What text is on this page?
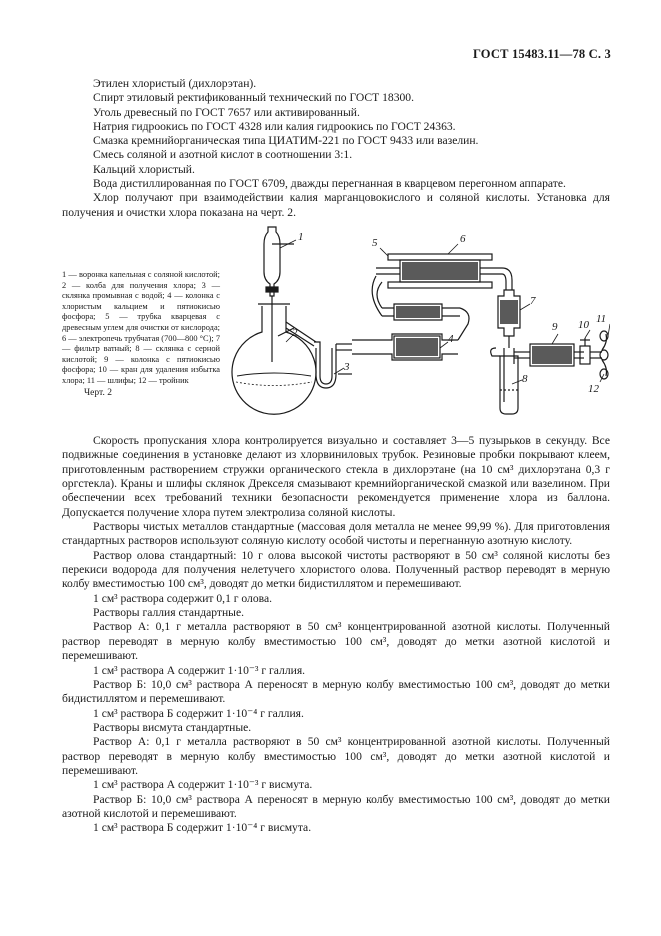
ГОСТ 15483.11—78 С. 3
Этилен хлористый (дихлорэтан).
Спирт этиловый ректификованный технический по ГОСТ 18300.
Уголь древесный по ГОСТ 7657 или активированный.
Натрия гидроокись по ГОСТ 4328 или калия гидроокись по ГОСТ 24363.
Смазка кремнийорганическая типа ЦИАТИМ-221 по ГОСТ 9433 или вазелин.
Смесь соляной и азотной кислот в соотношении 3:1.
Кальций хлористый.
Вода дистиллированная по ГОСТ 6709, дважды перегнанная в кварцевом перегонном аппарате.
Хлор получают при взаимодействии калия марганцовокислого и соляной кислоты. Установка для получения и очистки хлора показана на черт. 2.
1 — воронка капельная с соляной кислотой; 2 — колба для получения хлора; 3 — склянка промывная с водой; 4 — колонка с хлористым кальцием и пятиокисью фосфора; 5 — трубка кварцевая с древесным углем для очистки от кислорода; 6 — электропечь трубчатая (700—800 °С); 7 — фильтр ватный; 8 — склянка с серной кислотой; 9 — колонка с пятиокисью фосфора; 10 — кран для удаления избытка хлора; 11 — шлифы; 12 — тройник
Черт. 2
1
2
3
4
5	6
7
8
9 10 11
12

Скорость пропускания хлора контролируется визуально и составляет 3—5 пузырьков в секунду. Все подвижные соединения в установке делают из хлорвиниловых трубок. Резиновые пробки покрывают клеем, приготовленным растворением стружки органического стекла в дихлорэтане (на 10 см³ дихлорэтана 0,3 г оргстекла). Краны и шлифы склянок Дрекселя смазывают кремнийорганической смазкой или вазелином. При обеспечении всех требований техники безопасности рекомендуется применение хлора из баллона. Допускается получение хлора путем электролиза соляной кислоты.

Растворы чистых металлов стандартные (массовая доля металла не менее 99,99 %). Для приготовления стандартных растворов используют соляную кислоту особой чистоты и перегнанную азотную кислоту.

Раствор олова стандартный: 10 г олова высокой чистоты растворяют в 50 см³ соляной кислоты без перекиси водорода для получения нелетучего хлористого олова. Полученный раствор переводят в мерную колбу вместимостью 100 см³, доводят до метки бидистиллятом и перемешивают.

1 см³ раствора содержит 0,1 г олова.

Растворы галлия стандартные.

Раствор А: 0,1 г металла растворяют в 50 см³ концентрированной азотной кислоты. Полученный раствор переводят в мерную колбу вместимостью 100 см³, доводят до метки азотной кислотой и перемешивают.

1 см³ раствора А содержит 1·10⁻³ г галлия.

Раствор Б: 10,0 см³ раствора А переносят в мерную колбу вместимостью 100 см³, доводят до метки бидистиллятом и перемешивают.

1 см³ раствора Б содержит 1·10⁻⁴ г галлия.

Растворы висмута стандартные.

Раствор А: 0,1 г металла растворяют в 50 см³ концентрированной азотной кислоты. Полученный раствор переводят в мерную колбу вместимостью 100 см³, доводят до метки азотной кислотой и перемешивают.

1 см³ раствора А содержит 1·10⁻³ г висмута.

Раствор Б: 10,0 см³ раствора А переносят в мерную колбу вместимостью 100 см³, доводят до метки азотной кислотой и перемешивают.

1 см³ раствора Б содержит 1·10⁻⁴ г висмута.
